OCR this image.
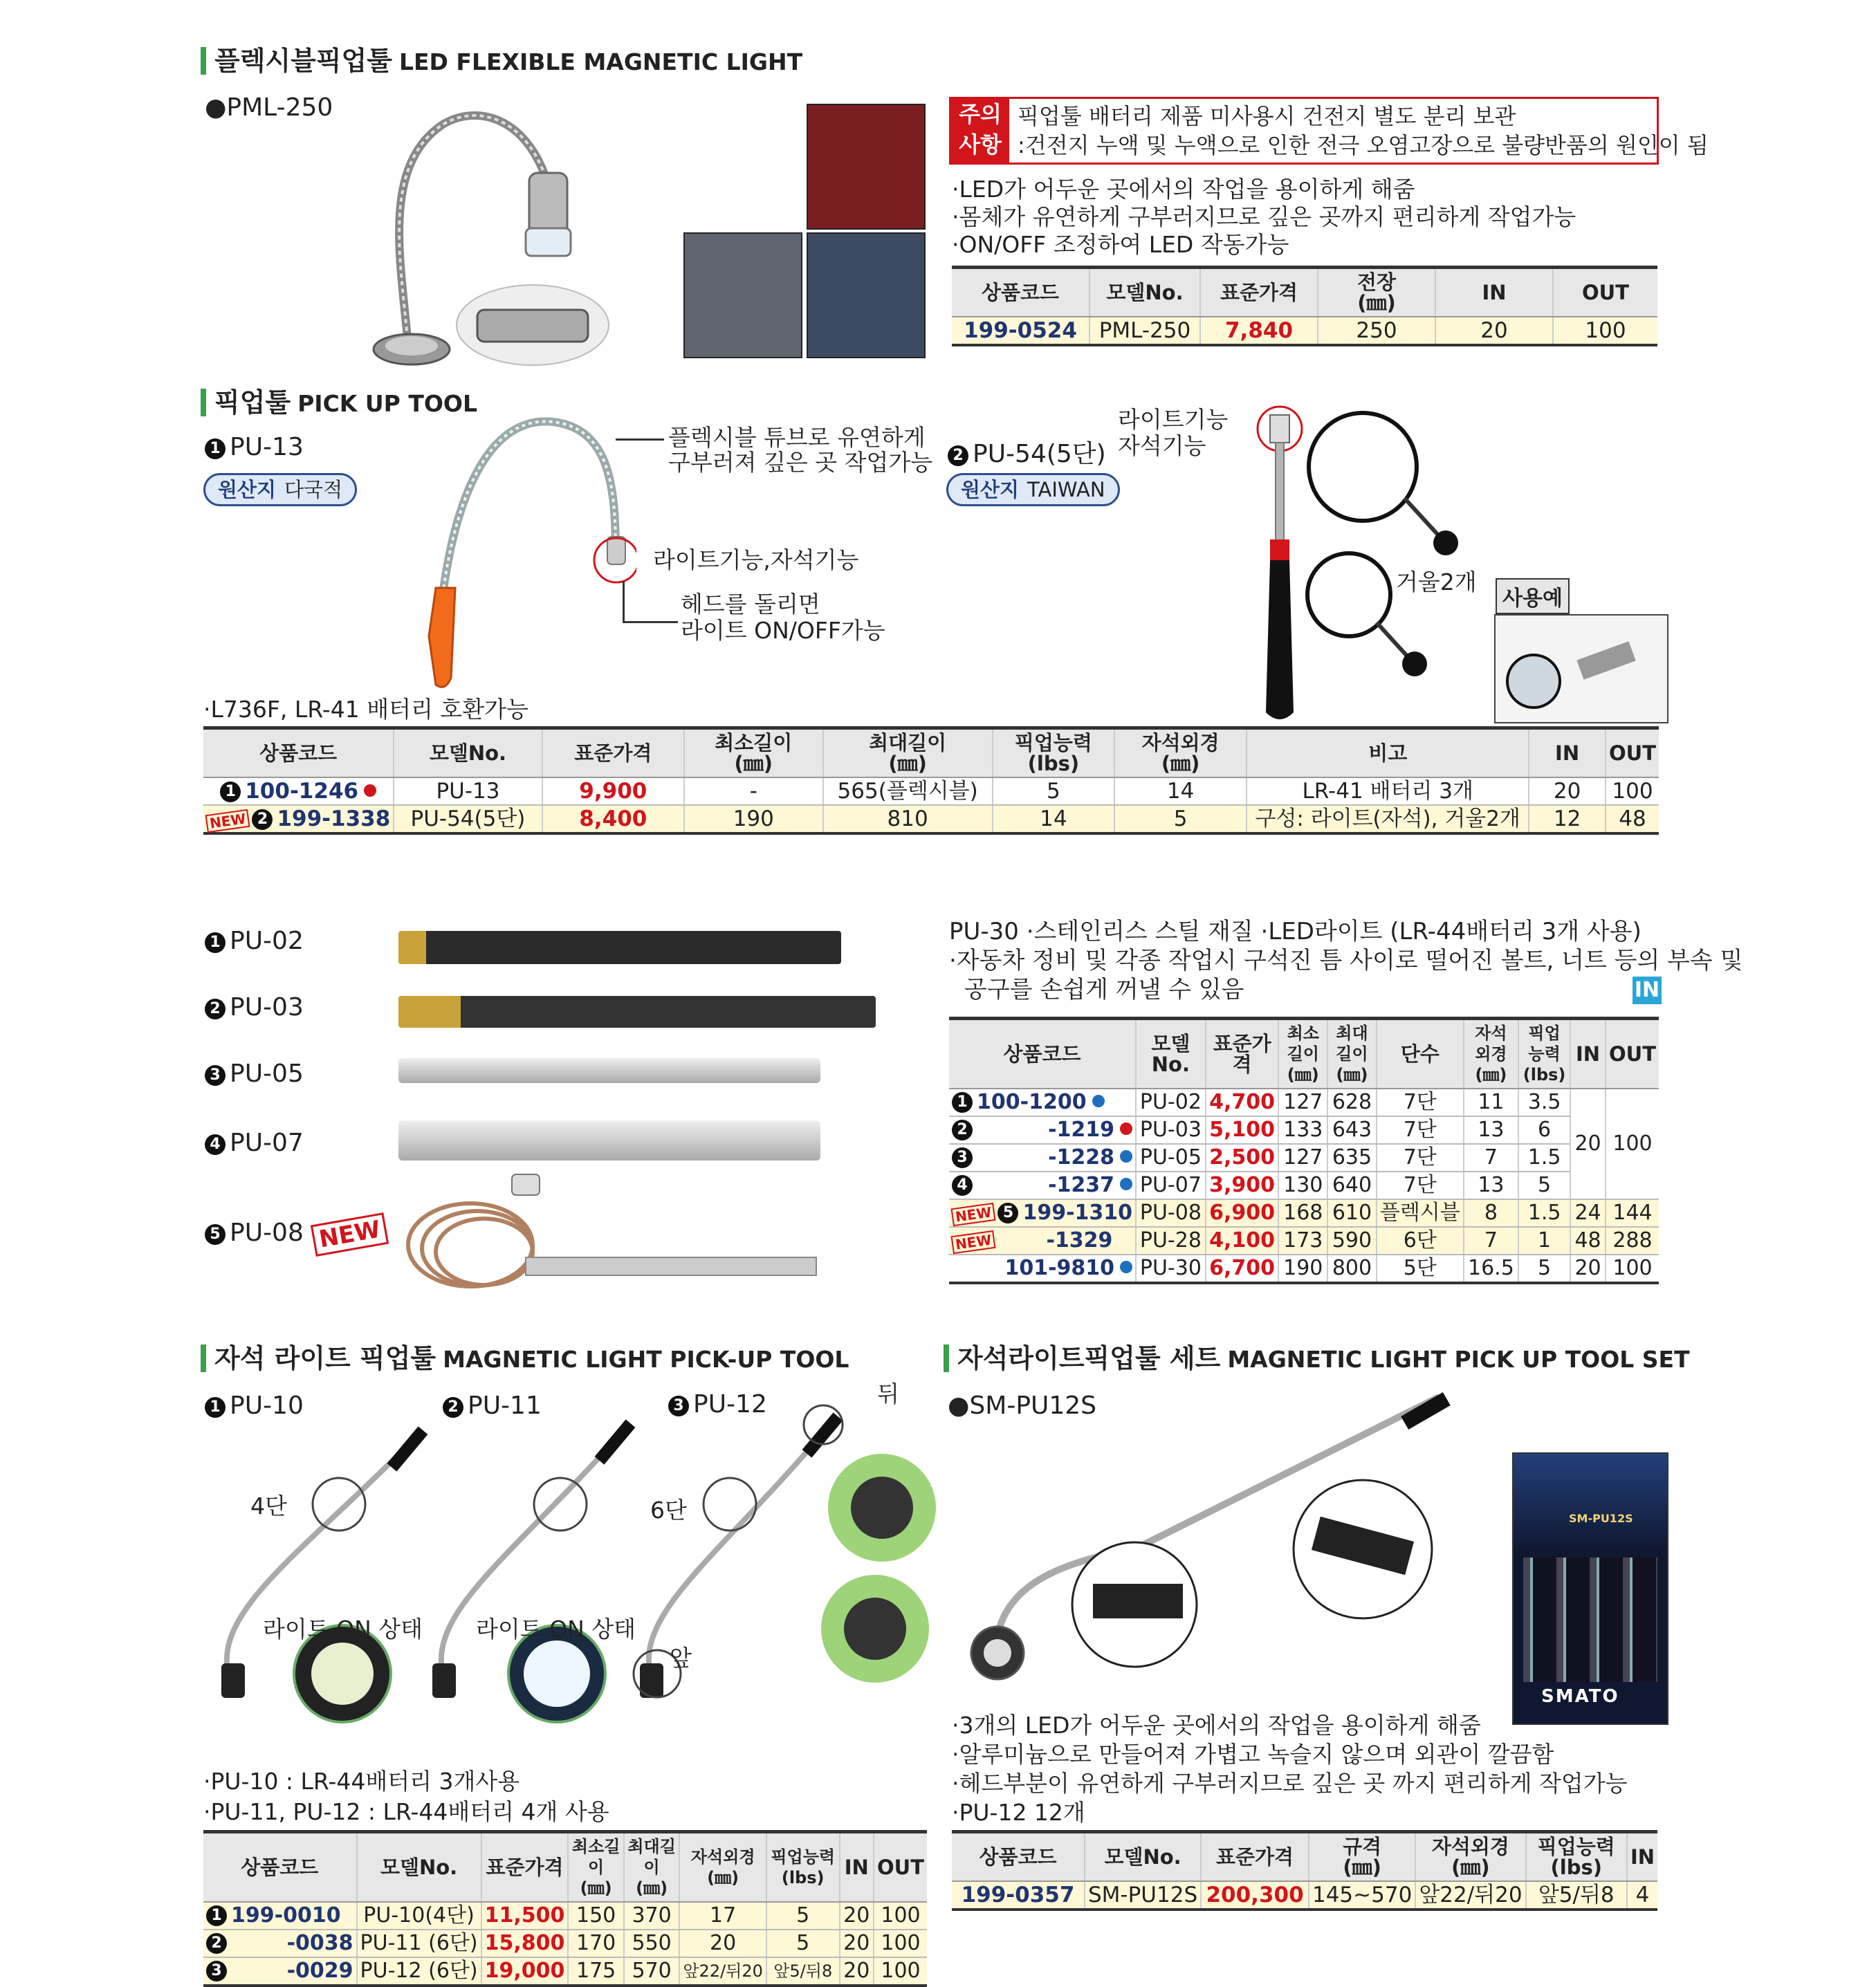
플렉시블픽업툴 LED FLEXIBLE MAGNETIC LIGHT
●PML-250	주의
사항
픽업툴 배터리 제품 미사용시 건전지 별도 분리 보관
:건전지 누액 및 누액으로 인한 전극 오염고장으로 불량반품의 원인이 됨
·LED가 어두운 곳에서의 작업을 용이하게 해줌
·몸체가 유연하게 구부러지므로 깊은 곳까지 편리하게 작업가능
·ON/OFF 조정하여 LED 작동가능
상품코드	모델No.	표준가격	전장
(㎜)	IN	OUT
199-0524	PML-250	7,840	250	20	100
픽업툴 PICK UP TOOL
1 PU-13
원산지 다국적
플렉시블 튜브로 유연하게
구부러져 깊은 곳 작업가능
라이트기능,자석기능
헤드를 돌리면
라이트 ON/OFF가능
2 PU-54(5단)
원산지 TAIWAN
라이트기능
자석기능
거울2개
사용예
·L736F, LR-41 배터리 호환가능
상품코드	모델No.	표준가격	최소길이
(㎜)	최대길이
(㎜)	픽업능력
(lbs)	자석외경
(㎜)	비고	IN	OUT
1 100-1246	PU-13	9,900	-	565(플렉시블)	5	14	LR-41 배터리 3개	20	100
NEW 2 199-1338	PU-54(5단)	8,400	190	810	14	5	구성: 라이트(자석), 거울2개	12	48
1 PU-02
2 PU-03
3 PU-05
4 PU-07
5 PU-08 NEW
PU-30 ·스테인리스 스틸 재질 ·LED라이트 (LR-44배터리 3개 사용)
·자동차 정비 및 각종 작업시 구석진 틈 사이로 떨어진 볼트, 너트 등의 부속 및
공구를 손쉽게 꺼낼 수 있음	IN
상품코드	모델No.	표준가격	최소길이
(㎜)	최대길이
(㎜)	단수	자석외경
(㎜)	픽업능력
(lbs)	IN	OUT
1 100-1200	PU-02	4,700	127	628	7단	11	3.5	20	100

2 -1219	PU-03	5,100	133	643	7단	13	6		

3 -1228	PU-05	2,500	127	635	7단	7	1.5		

4 -1237	PU-07	3,900	130	640	7단	13	5		
NEW 5 199-1310	PU-08	6,900	168	610	플렉시블	8	1.5	24	144
NEW -1329	PU-28	4,100	173	590	6단	7	1	48	288
101-9810	PU-30	6,700	190	800	5단	16.5	5	20	100
자석 라이트 픽업툴 MAGNETIC LIGHT PICK-UP TOOL
1 PU-10	2 PU-11	3 PU-12
4단	6단
뒤
앞
라이트 ON 상태 라이트 ON 상태
·PU-10 : LR-44배터리 3개사용
·PU-11, PU-12 : LR-44배터리 4개 사용
상품코드	모델No.	표준가격	최소길이
(㎜)	최대길이
(㎜)	자석외경
(㎜)	픽업능력
(lbs)	IN	OUT
1 199-0010	PU-10(4단)	11,500	150	370	17	5	20	100

2 -0038	PU-11 (6단)	15,800	170	550	20	5	20	100

3 -0029	PU-12 (6단)	19,000	175	570	앞22/뒤20	앞5/뒤8	20	100
자석라이트픽업툴 세트 MAGNETIC LIGHT PICK UP TOOL SET
●SM-PU12S
SM-PU12S
SMATO
·3개의 LED가 어두운 곳에서의 작업을 용이하게 해줌
·알루미늄으로 만들어져 가볍고 녹슬지 않으며 외관이 깔끔함
·헤드부분이 유연하게 구부러지므로 깊은 곳 까지 편리하게 작업가능
·PU-12 12개
상품코드	모델No.	표준가격	규격
(㎜)	자석외경
(㎜)	픽업능력
(lbs)	IN
199-0357	SM-PU12S	200,300	145~570	앞22/뒤20	앞5/뒤8	4
